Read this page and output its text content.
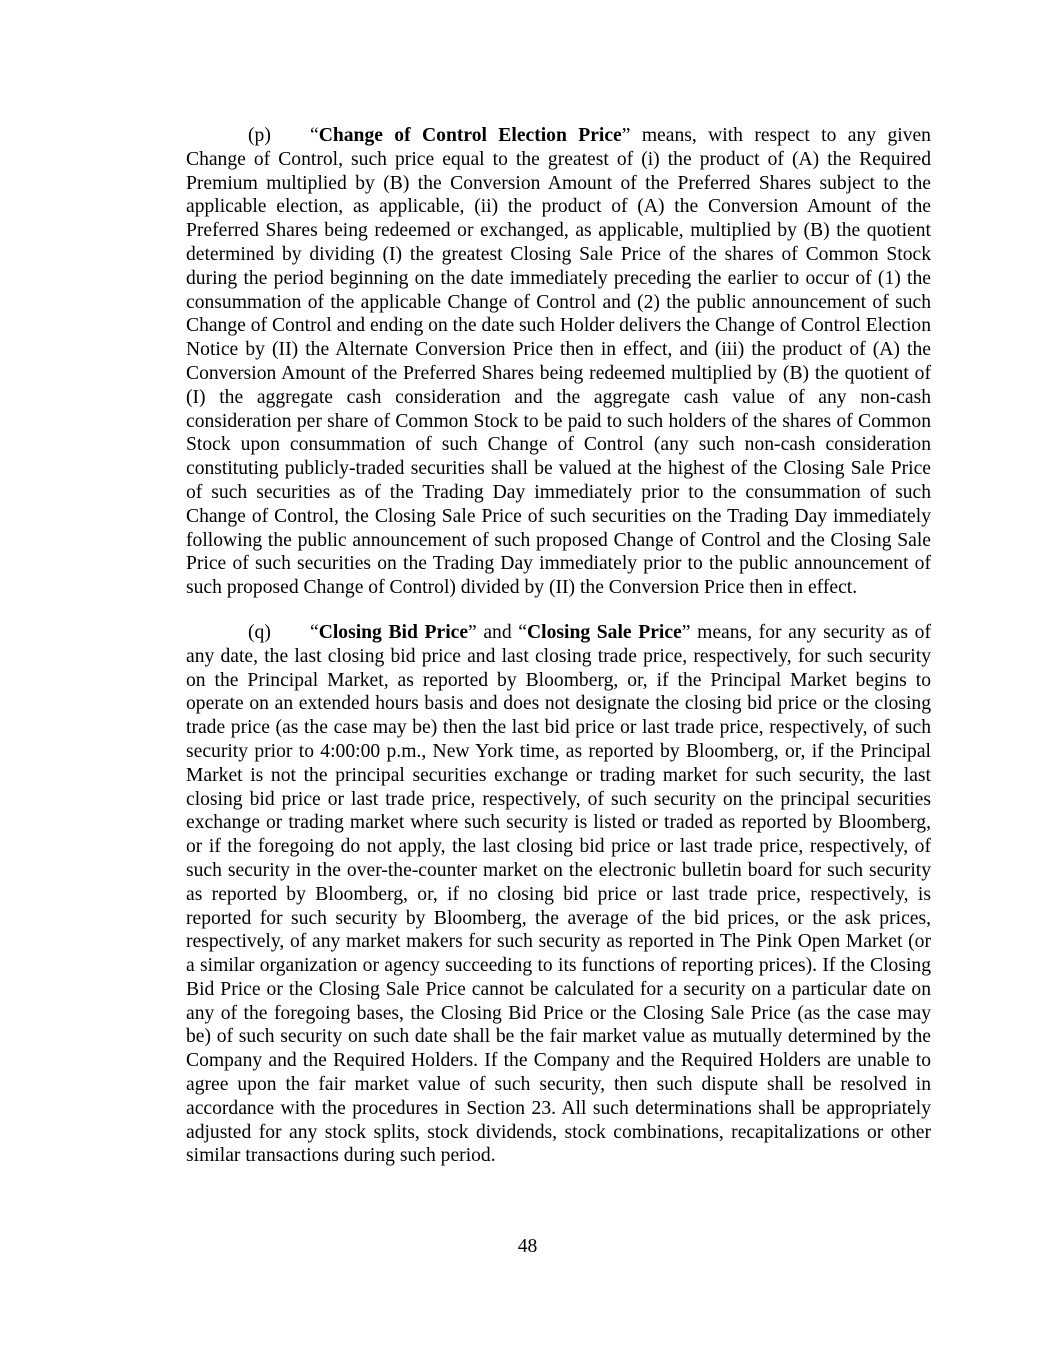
(p) “Change of Control Election Price” means, with respect to any given Change of Control, such price equal to the greatest of (i) the product of (A) the Required Premium multiplied by (B) the Conversion Amount of the Preferred Shares subject to the applicable election, as applicable, (ii) the product of (A) the Conversion Amount of the Preferred Shares being redeemed or exchanged, as applicable, multiplied by (B) the quotient determined by dividing (I) the greatest Closing Sale Price of the shares of Common Stock during the period beginning on the date immediately preceding the earlier to occur of (1) the consummation of the applicable Change of Control and (2) the public announcement of such Change of Control and ending on the date such Holder delivers the Change of Control Election Notice by (II) the Alternate Conversion Price then in effect, and (iii) the product of (A) the Conversion Amount of the Preferred Shares being redeemed multiplied by (B) the quotient of (I) the aggregate cash consideration and the aggregate cash value of any non-cash consideration per share of Common Stock to be paid to such holders of the shares of Common Stock upon consummation of such Change of Control (any such non-cash consideration constituting publicly-traded securities shall be valued at the highest of the Closing Sale Price of such securities as of the Trading Day immediately prior to the consummation of such Change of Control, the Closing Sale Price of such securities on the Trading Day immediately following the public announcement of such proposed Change of Control and the Closing Sale Price of such securities on the Trading Day immediately prior to the public announcement of such proposed Change of Control) divided by (II) the Conversion Price then in effect.

(q) “Closing Bid Price” and “Closing Sale Price” means, for any security as of any date, the last closing bid price and last closing trade price, respectively, for such security on the Principal Market, as reported by Bloomberg, or, if the Principal Market begins to operate on an extended hours basis and does not designate the closing bid price or the closing trade price (as the case may be) then the last bid price or last trade price, respectively, of such security prior to 4:00:00 p.m., New York time, as reported by Bloomberg, or, if the Principal Market is not the principal securities exchange or trading market for such security, the last closing bid price or last trade price, respectively, of such security on the principal securities exchange or trading market where such security is listed or traded as reported by Bloomberg, or if the foregoing do not apply, the last closing bid price or last trade price, respectively, of such security in the over-the-counter market on the electronic bulletin board for such security as reported by Bloomberg, or, if no closing bid price or last trade price, respectively, is reported for such security by Bloomberg, the average of the bid prices, or the ask prices, respectively, of any market makers for such security as reported in The Pink Open Market (or a similar organization or agency succeeding to its functions of reporting prices). If the Closing Bid Price or the Closing Sale Price cannot be calculated for a security on a particular date on any of the foregoing bases, the Closing Bid Price or the Closing Sale Price (as the case may be) of such security on such date shall be the fair market value as mutually determined by the Company and the Required Holders. If the Company and the Required Holders are unable to agree upon the fair market value of such security, then such dispute shall be resolved in accordance with the procedures in Section 23. All such determinations shall be appropriately adjusted for any stock splits, stock dividends, stock combinations, recapitalizations or other similar transactions during such period.

48
